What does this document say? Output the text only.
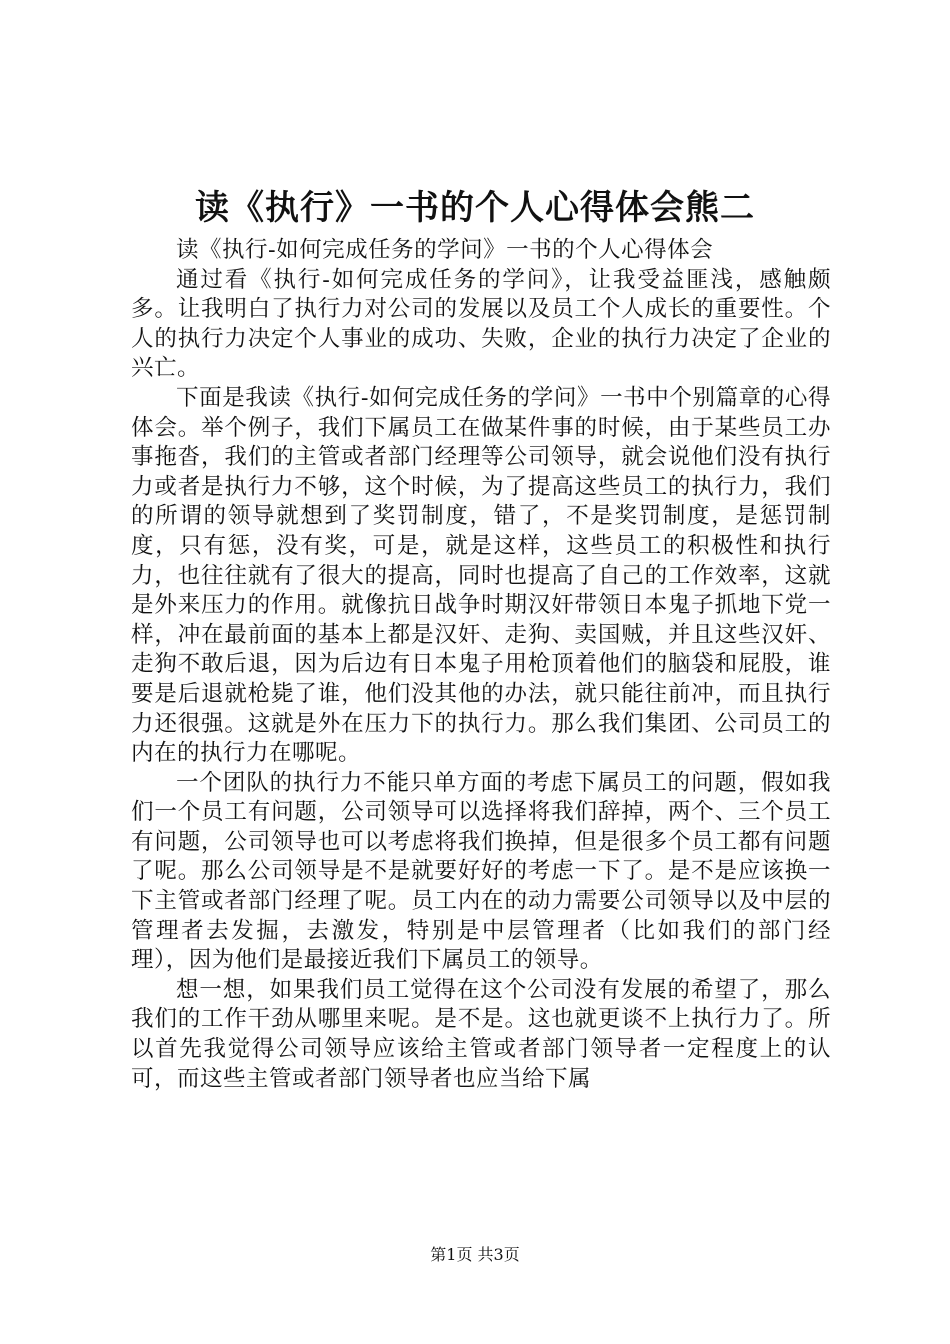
读《执行》一书的个人心得体会熊二

读《执行-如何完成任务的学问》一书的个人心得体会

通过看《执行-如何完成任务的学问》，让我受益匪浅，感触颇多。让我明白了执行力对公司的发展以及员工个人成长的重要性。个人的执行力决定个人事业的成功、失败，企业的执行力决定了企业的兴亡。

下面是我读《执行-如何完成任务的学问》一书中个别篇章的心得体会。举个例子，我们下属员工在做某件事的时候，由于某些员工办事拖沓，我们的主管或者部门经理等公司领导，就会说他们没有执行力或者是执行力不够，这个时候，为了提高这些员工的执行力，我们的所谓的领导就想到了奖罚制度，错了，不是奖罚制度，是惩罚制度，只有惩，没有奖，可是，就是这样，这些员工的积极性和执行力，也往往就有了很大的提高，同时也提高了自己的工作效率，这就是外来压力的作用。就像抗日战争时期汉奸带领日本鬼子抓地下党一样，冲在最前面的基本上都是汉奸、走狗、卖国贼，并且这些汉奸、走狗不敢后退，因为后边有日本鬼子用枪顶着他们的脑袋和屁股，谁要是后退就枪毙了谁，他们没其他的办法，就只能往前冲，而且执行力还很强。这就是外在压力下的执行力。那么我们集团、公司员工的内在的执行力在哪呢。

一个团队的执行力不能只单方面的考虑下属员工的问题，假如我们一个员工有问题，公司领导可以选择将我们辞掉，两个、三个员工有问题，公司领导也可以考虑将我们换掉，但是很多个员工都有问题了呢。那么公司领导是不是就要好好的考虑一下了。是不是应该换一下主管或者部门经理了呢。员工内在的动力需要公司领导以及中层的管理者去发掘，去激发，特别是中层管理者（比如我们的部门经理），因为他们是最接近我们下属员工的领导。

想一想，如果我们员工觉得在这个公司没有发展的希望了，那么我们的工作干劲从哪里来呢。是不是。这也就更谈不上执行力了。所以首先我觉得公司领导应该给主管或者部门领导者一定程度上的认可，而这些主管或者部门领导者也应当给下属

第1页 共3页
